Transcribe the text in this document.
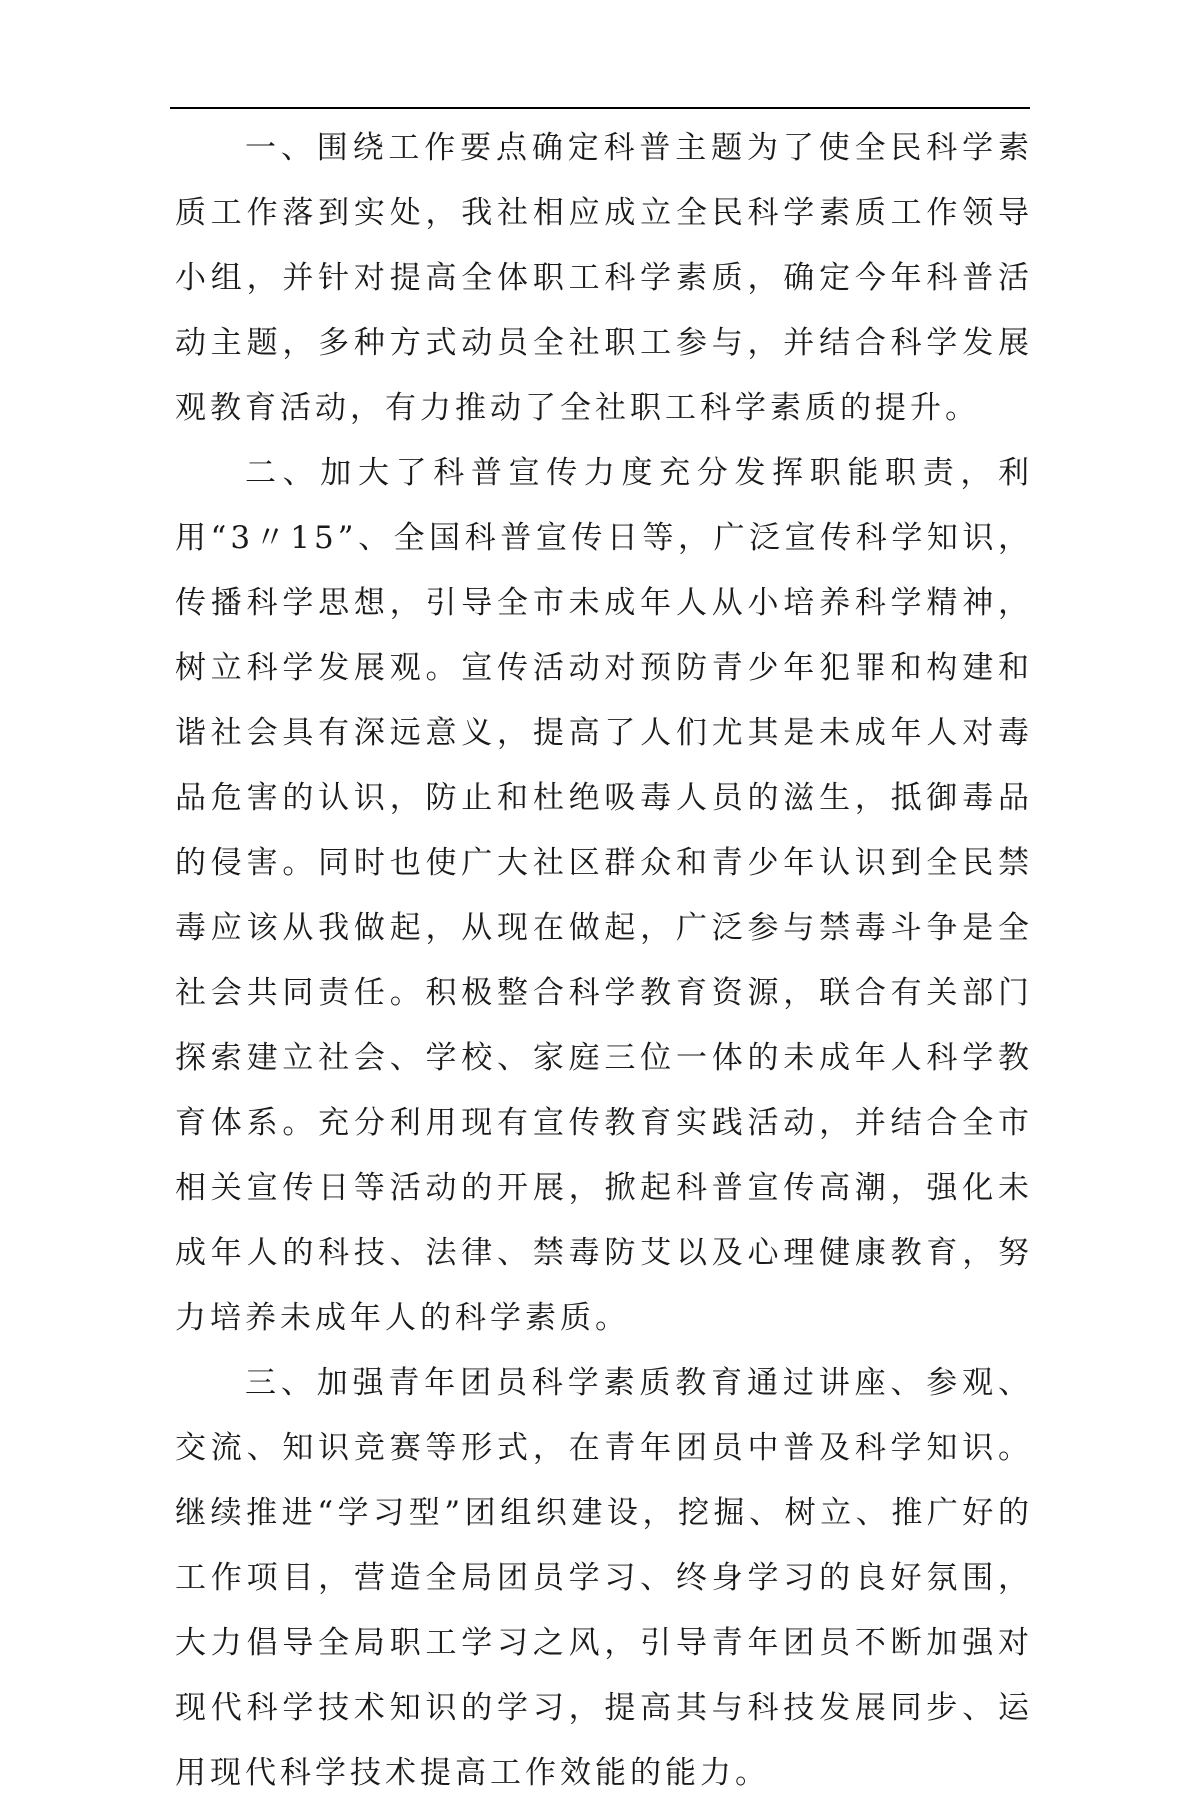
一、围绕工作要点确定科普主题为了使全民科学素质工作落到实处，我社相应成立全民科学素质工作领导小组，并针对提高全体职工科学素质，确定今年科普活动主题，多种方式动员全社职工参与，并结合科学发展观教育活动，有力推动了全社职工科学素质的提升。

二、加大了科普宣传力度充分发挥职能职责，利用“3〃15”、全国科普宣传日等，广泛宣传科学知识，传播科学思想，引导全市未成年人从小培养科学精神，树立科学发展观。宣传活动对预防青少年犯罪和构建和谐社会具有深远意义，提高了人们尤其是未成年人对毒品危害的认识，防止和杜绝吸毒人员的滋生，抵御毒品的侵害。同时也使广大社区群众和青少年认识到全民禁毒应该从我做起，从现在做起，广泛参与禁毒斗争是全社会共同责任。积极整合科学教育资源，联合有关部门探索建立社会、学校、家庭三位一体的未成年人科学教育体系。充分利用现有宣传教育实践活动，并结合全市相关宣传日等活动的开展，掀起科普宣传高潮，强化未成年人的科技、法律、禁毒防艾以及心理健康教育，努力培养未成年人的科学素质。

三、加强青年团员科学素质教育通过讲座、参观、交流、知识竞赛等形式，在青年团员中普及科学知识。继续推进“学习型”团组织建设，挖掘、树立、推广好的工作项目，营造全局团员学习、终身学习的良好氛围，大力倡导全局职工学习之风，引导青年团员不断加强对现代科学技术知识的学习，提高其与科技发展同步、运用现代科学技术提高工作效能的能力。
